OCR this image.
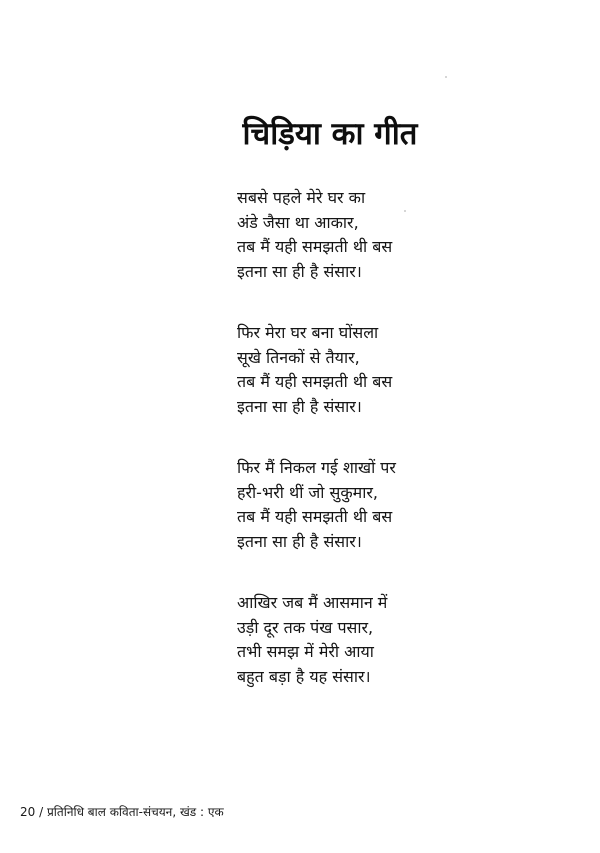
चिड़िया का गीत
सबसे पहले मेरे घर का
अंडे जैसा था आकार,
तब मैं यही समझती थी बस
इतना सा ही है संसार।
फिर मेरा घर बना घोंसला
सूखे तिनकों से तैयार,
तब मैं यही समझती थी बस
इतना सा ही है संसार।
फिर मैं निकल गई शाखों पर
हरी-भरी थीं जो सुकुमार,
तब मैं यही समझती थी बस
इतना सा ही है संसार।
आखिर जब मैं आसमान में
उड़ी दूर तक पंख पसार,
तभी समझ में मेरी आया
बहुत बड़ा है यह संसार।
20 / प्रतिनिधि बाल कविता-संचयन, खंड : एक
